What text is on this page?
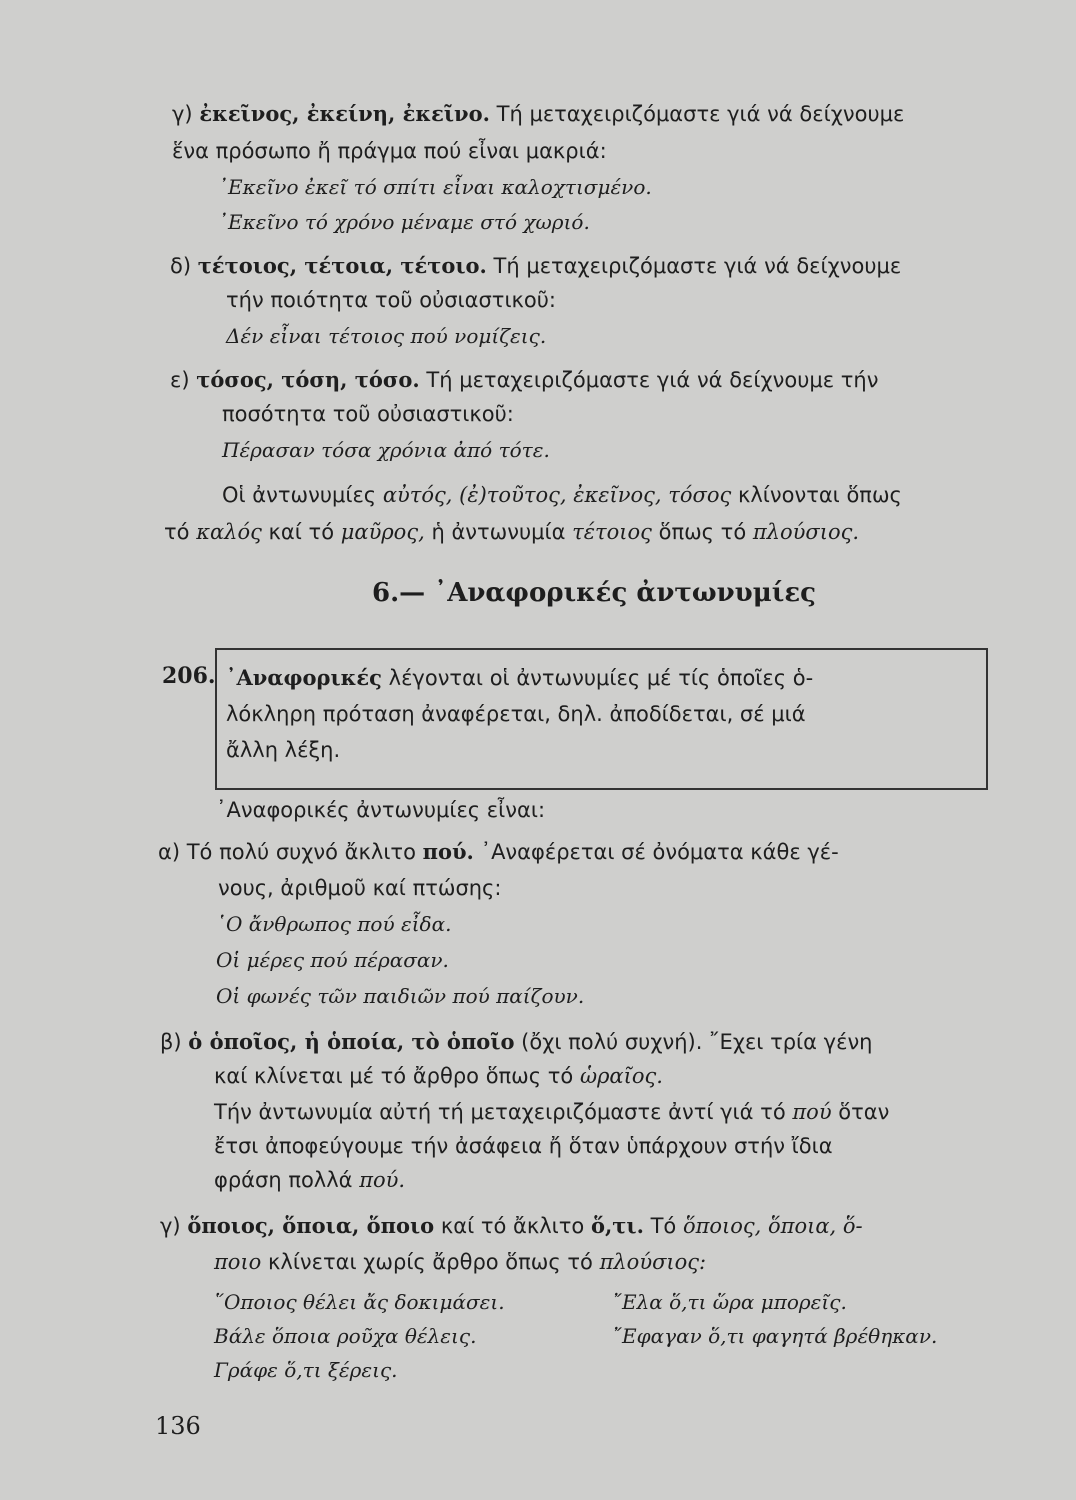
γ) ἐκεῖνος, ἐκείνη, ἐκεῖνο. Τή μεταχειριζόμαστε γιά νά δείχνουμε
ἕνα πρόσωπο ἤ πράγμα πού εἶναι μακριά:
᾿Εκεῖνο ἐκεῖ τό σπίτι εἶναι καλοχτισμένο.
᾿Εκεῖνο τό χρόνο μέναμε στό χωριό.
δ) τέτοιος, τέτοια, τέτοιο. Τή μεταχειριζόμαστε γιά νά δείχνουμε
τήν ποιότητα τοῦ οὐσιαστικοῦ:
Δέν εἶναι τέτοιος πού νομίζεις.
ε) τόσος, τόση, τόσο. Τή μεταχειριζόμαστε γιά νά δείχνουμε τήν
ποσότητα τοῦ οὐσιαστικοῦ:
Πέρασαν τόσα χρόνια ἀπό τότε.
Οἱ ἀντωνυμίες αὐτός, (ἐ)τοῦτος, ἐκεῖνος, τόσος κλίνονται ὅπως
τό καλός καί τό μαῦρος, ἡ ἀντωνυμία τέτοιος ὅπως τό πλούσιος.
6.— ᾿Αναφορικές ἀντωνυμίες
206. ᾿Αναφορικές λέγονται οἱ ἀντωνυμίες μέ τίς ὁποῖες ὁ-
λόκληρη πρόταση ἀναφέρεται, δηλ. ἀποδίδεται, σέ μιά
ἄλλη λέξη.
᾿Αναφορικές ἀντωνυμίες εἶναι:
α) Τό πολύ συχνό ἄκλιτο πού. ᾿Αναφέρεται σέ ὀνόματα κάθε γέ-
νους, ἀριθμοῦ καί πτώσης:
῾Ο ἄνθρωπος πού εἶδα.
Οἱ μέρες πού πέρασαν.
Οἱ φωνές τῶν παιδιῶν πού παίζουν.
β) ὁ ὁποῖος, ἡ ὁποία, τὸ ὁποῖο (ὄχι πολύ συχνή). ῎Εχει τρία γένη
καί κλίνεται μέ τό ἄρθρο ὅπως τό ὡραῖος.
Τήν ἀντωνυμία αὐτή τή μεταχειριζόμαστε ἀντί γιά τό πού ὅταν
ἔτσι ἀποφεύγουμε τήν ἀσάφεια ἤ ὅταν ὑπάρχουν στήν ἴδια
φράση πολλά πού.
γ) ὅποιος, ὅποια, ὅποιο καί τό ἄκλιτο ὅ,τι. Τό ὅποιος, ὅποια, ὅ-
ποιο κλίνεται χωρίς ἄρθρο ὅπως τό πλούσιος:
῞Οποιος θέλει ἄς δοκιμάσει.
Βάλε ὅποια ροῦχα θέλεις.
Γράφε ὅ,τι ξέρεις.
῎Ελα ὅ,τι ὥρα μπορεῖς.
῎Εφαγαν ὅ,τι φαγητά βρέθηκαν.
136
